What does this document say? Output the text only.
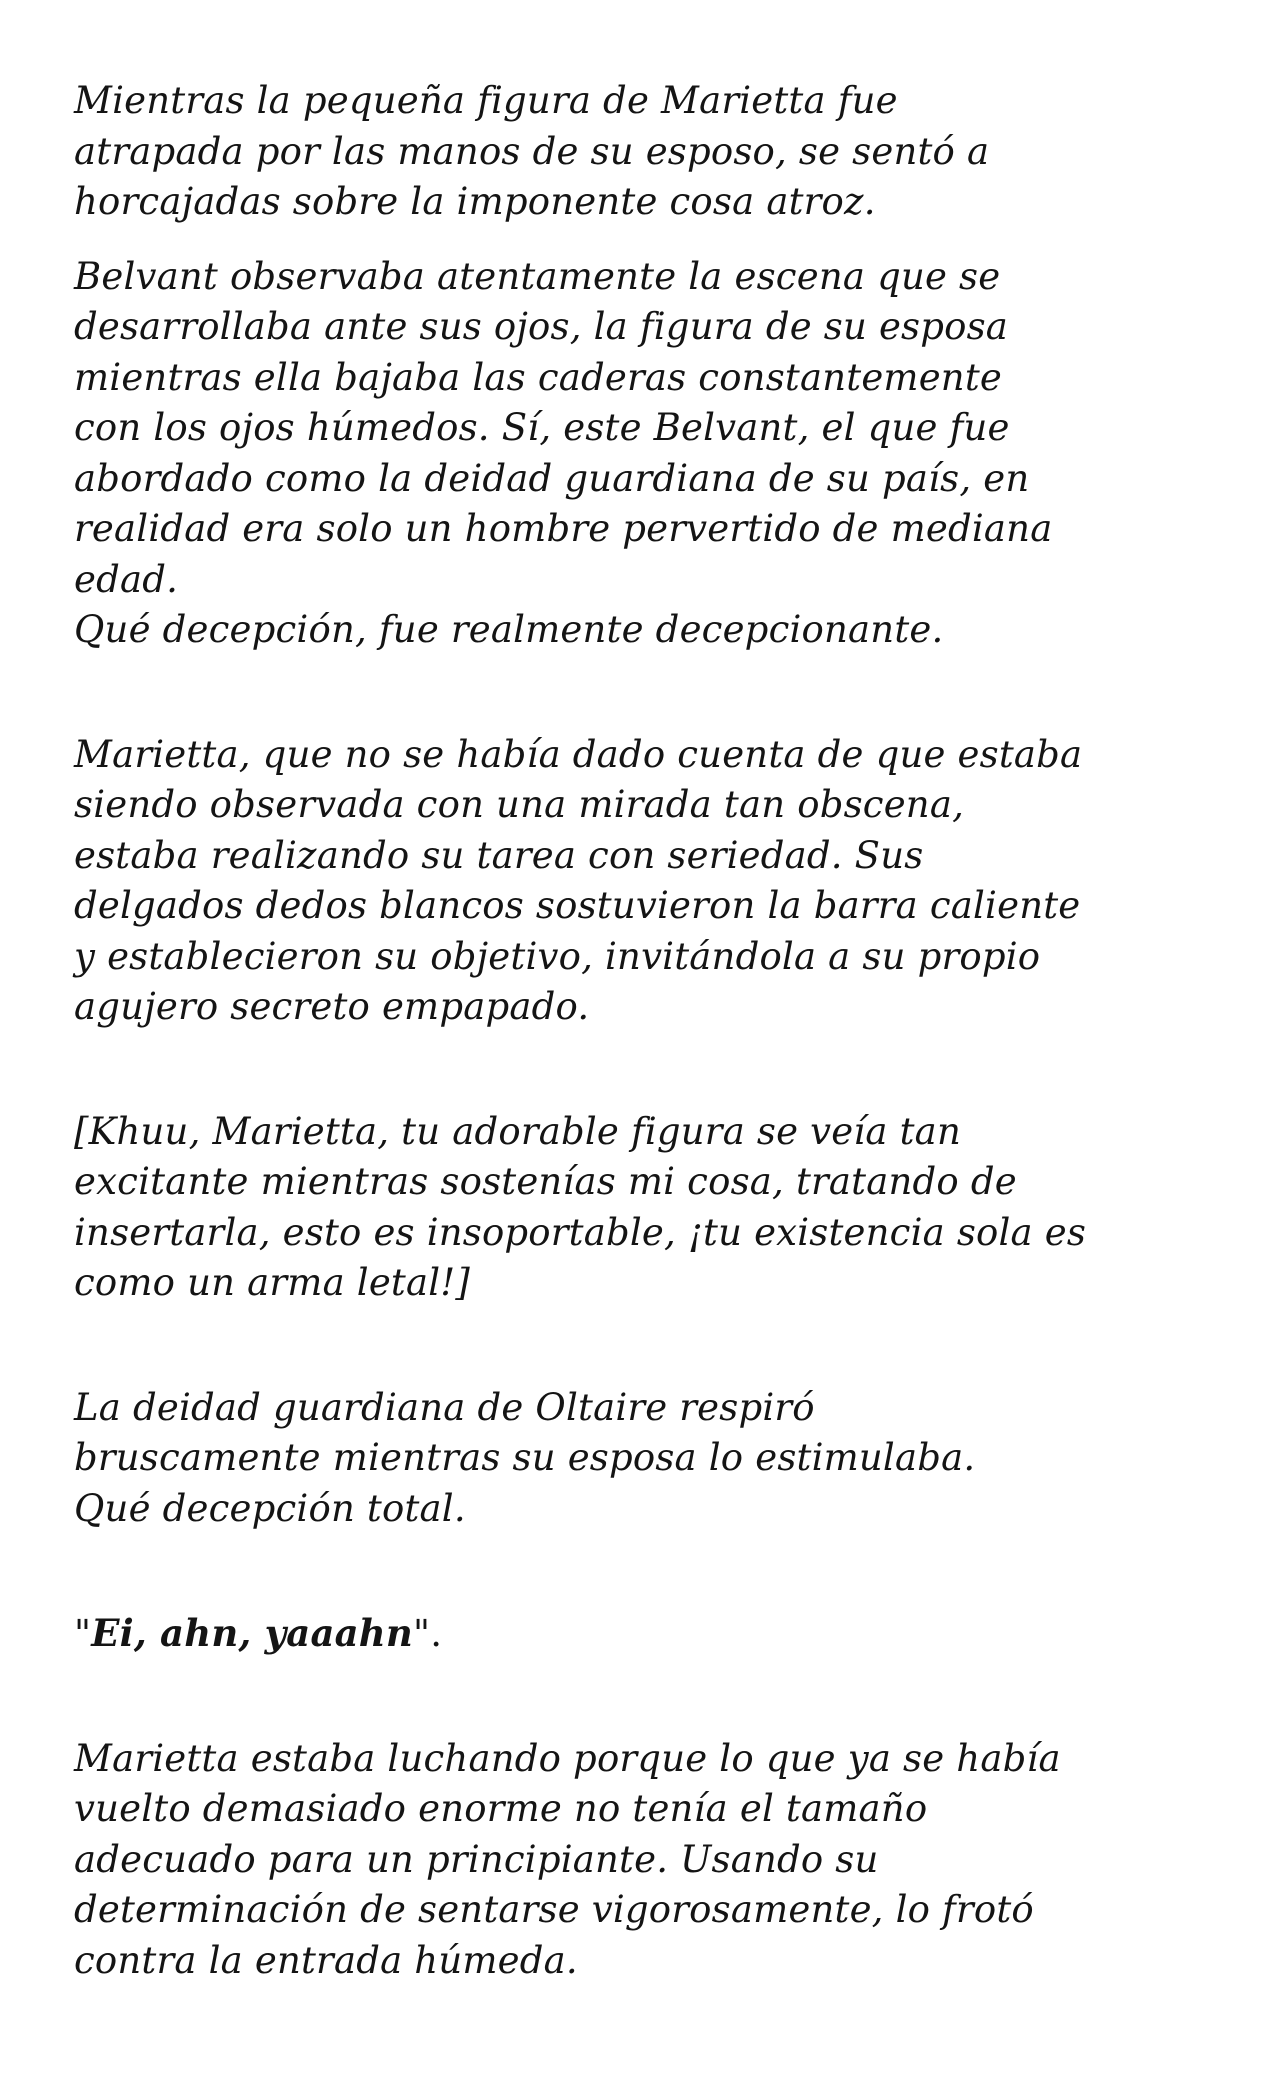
Mientras la pequeña figura de Marietta fue
atrapada por las manos de su esposo, se sentó a
horcajadas sobre la imponente cosa atroz.

Belvant observaba atentamente la escena que se
desarrollaba ante sus ojos, la figura de su esposa
mientras ella bajaba las caderas constantemente
con los ojos húmedos. Sí, este Belvant, el que fue
abordado como la deidad guardiana de su país, en
realidad era solo un hombre pervertido de mediana
edad.
Qué decepción, fue realmente decepcionante.

Marietta, que no se había dado cuenta de que estaba
siendo observada con una mirada tan obscena,
estaba realizando su tarea con seriedad. Sus
delgados dedos blancos sostuvieron la barra caliente
y establecieron su objetivo, invitándola a su propio
agujero secreto empapado.

[Khuu, Marietta, tu adorable figura se veía tan
excitante mientras sostenías mi cosa, tratando de
insertarla, esto es insoportable, ¡tu existencia sola es
como un arma letal!]

La deidad guardiana de Oltaire respiró
bruscamente mientras su esposa lo estimulaba.
Qué decepción total.

"Ei, ahn, yaaahn".

Marietta estaba luchando porque lo que ya se había
vuelto demasiado enorme no tenía el tamaño
adecuado para un principiante. Usando su
determinación de sentarse vigorosamente, lo frotó
contra la entrada húmeda.
